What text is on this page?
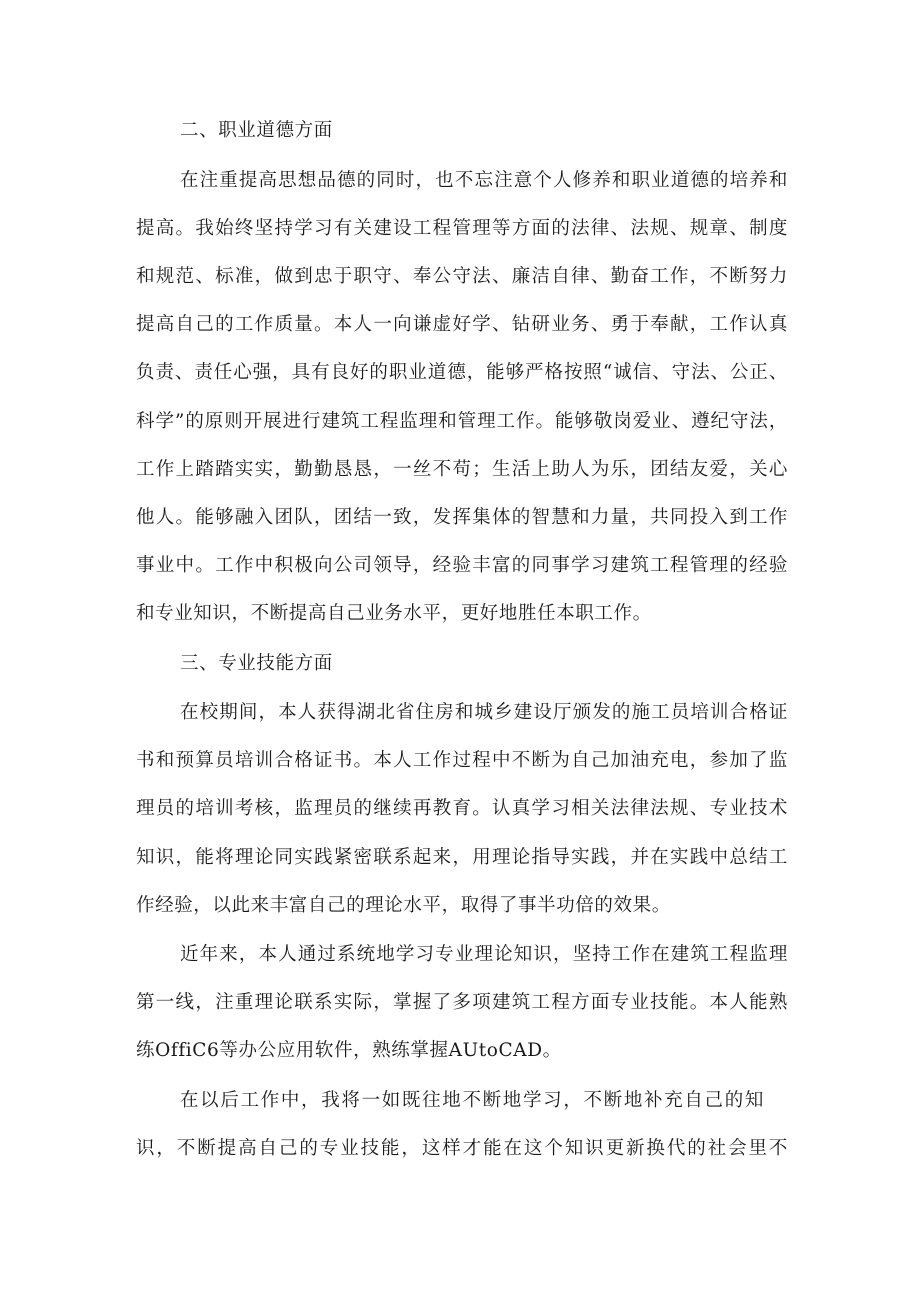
二、职业道德方面

在注重提高思想品德的同时，也不忘注意个人修养和职业道德的培养和

提高。我始终坚持学习有关建设工程管理等方面的法律、法规、规章、制度

和规范、标准，做到忠于职守、奉公守法、廉洁自律、勤奋工作，不断努力

提高自己的工作质量。本人一向谦虚好学、钻研业务、勇于奉献，工作认真

负责、责任心强，具有良好的职业道德，能够严格按照“诚信、守法、公正、

科学”的原则开展进行建筑工程监理和管理工作。能够敬岗爱业、遵纪守法，

工作上踏踏实实，勤勤恳恳，一丝不苟；生活上助人为乐，团结友爱，关心

他人。能够融入团队，团结一致，发挥集体的智慧和力量，共同投入到工作

事业中。工作中积极向公司领导，经验丰富的同事学习建筑工程管理的经验

和专业知识，不断提高自己业务水平，更好地胜任本职工作。

三、专业技能方面

在校期间，本人获得湖北省住房和城乡建设厅颁发的施工员培训合格证

书和预算员培训合格证书。本人工作过程中不断为自己加油充电，参加了监

理员的培训考核，监理员的继续再教育。认真学习相关法律法规、专业技术

知识，能将理论同实践紧密联系起来，用理论指导实践，并在实践中总结工

作经验，以此来丰富自己的理论水平，取得了事半功倍的效果。

近年来，本人通过系统地学习专业理论知识，坚持工作在建筑工程监理

第一线，注重理论联系实际，掌握了多项建筑工程方面专业技能。本人能熟

练OffiC6等办公应用软件，熟练掌握AUtoCAD。

在以后工作中，我将一如既往地不断地学习，不断地补充自己的知

识，不断提高自己的专业技能，这样才能在这个知识更新换代的社会里不
